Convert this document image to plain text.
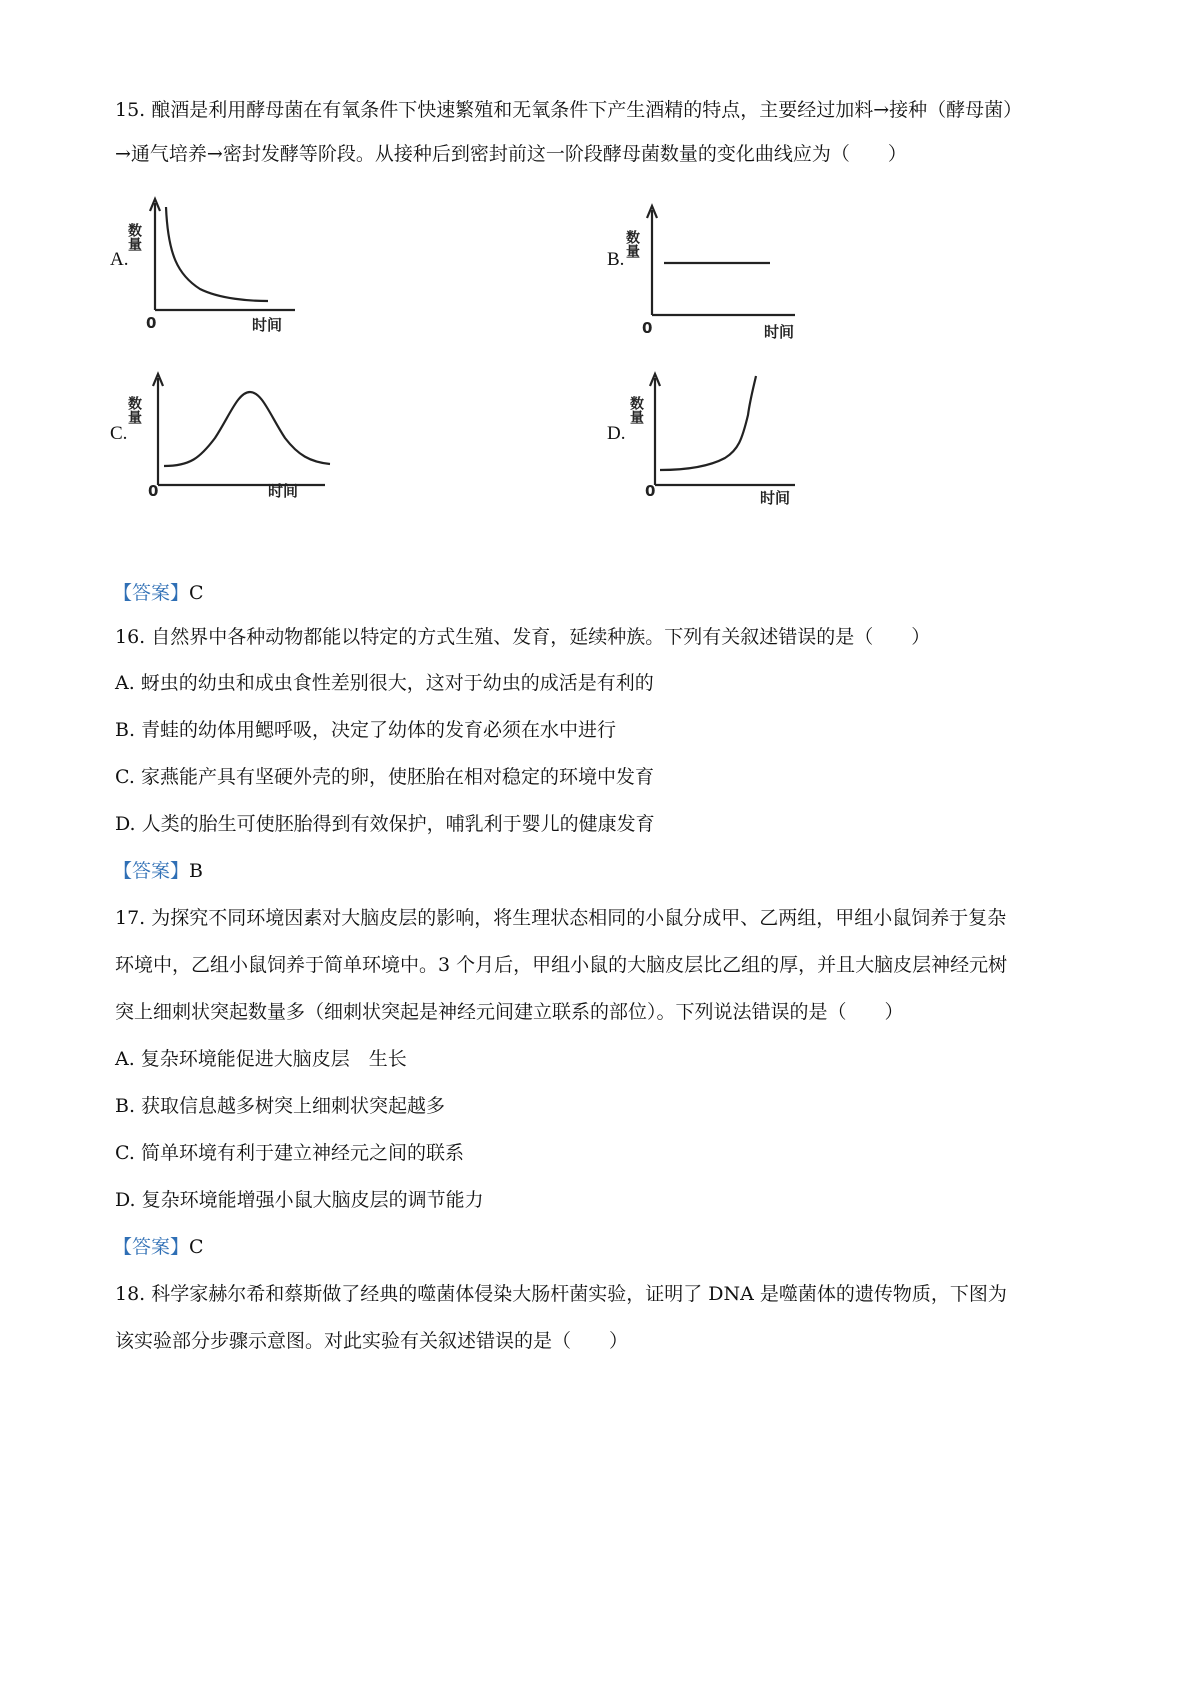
15. 酿酒是利用酵母菌在有氧条件下快速繁殖和无氧条件下产生酒精的特点，主要经过加料→接种（酵母菌）
→通气培养→密封发酵等阶段。从接种后到密封前这一阶段酵母菌数量的变化曲线应为（　　）
A.
数量
0	时间
B.
数量
0	时间
C.
数量
0	时间
D.
数量
0	时间
【答案】C
16. 自然界中各种动物都能以特定的方式生殖、发育，延续种族。下列有关叙述错误的是（　　）
A. 蚜虫的幼虫和成虫食性差别很大，这对于幼虫的成活是有利的
B. 青蛙的幼体用鳃呼吸，决定了幼体的发育必须在水中进行
C. 家燕能产具有坚硬外壳的卵，使胚胎在相对稳定的环境中发育
D. 人类的胎生可使胚胎得到有效保护，哺乳利于婴儿的健康发育
【答案】B
17. 为探究不同环境因素对大脑皮层的影响，将生理状态相同的小鼠分成甲、乙两组，甲组小鼠饲养于复杂
环境中，乙组小鼠饲养于简单环境中。3 个月后，甲组小鼠的大脑皮层比乙组的厚，并且大脑皮层神经元树
突上细刺状突起数量多（细刺状突起是神经元间建立联系的部位）。下列说法错误的是（　　）
A. 复杂环境能促进大脑皮层　生长
B. 获取信息越多树突上细刺状突起越多
C. 简单环境有利于建立神经元之间的联系
D. 复杂环境能增强小鼠大脑皮层的调节能力
【答案】C
18. 科学家赫尔希和蔡斯做了经典的噬菌体侵染大肠杆菌实验，证明了 DNA 是噬菌体的遗传物质，下图为
该实验部分步骤示意图。对此实验有关叙述错误的是（　　）
